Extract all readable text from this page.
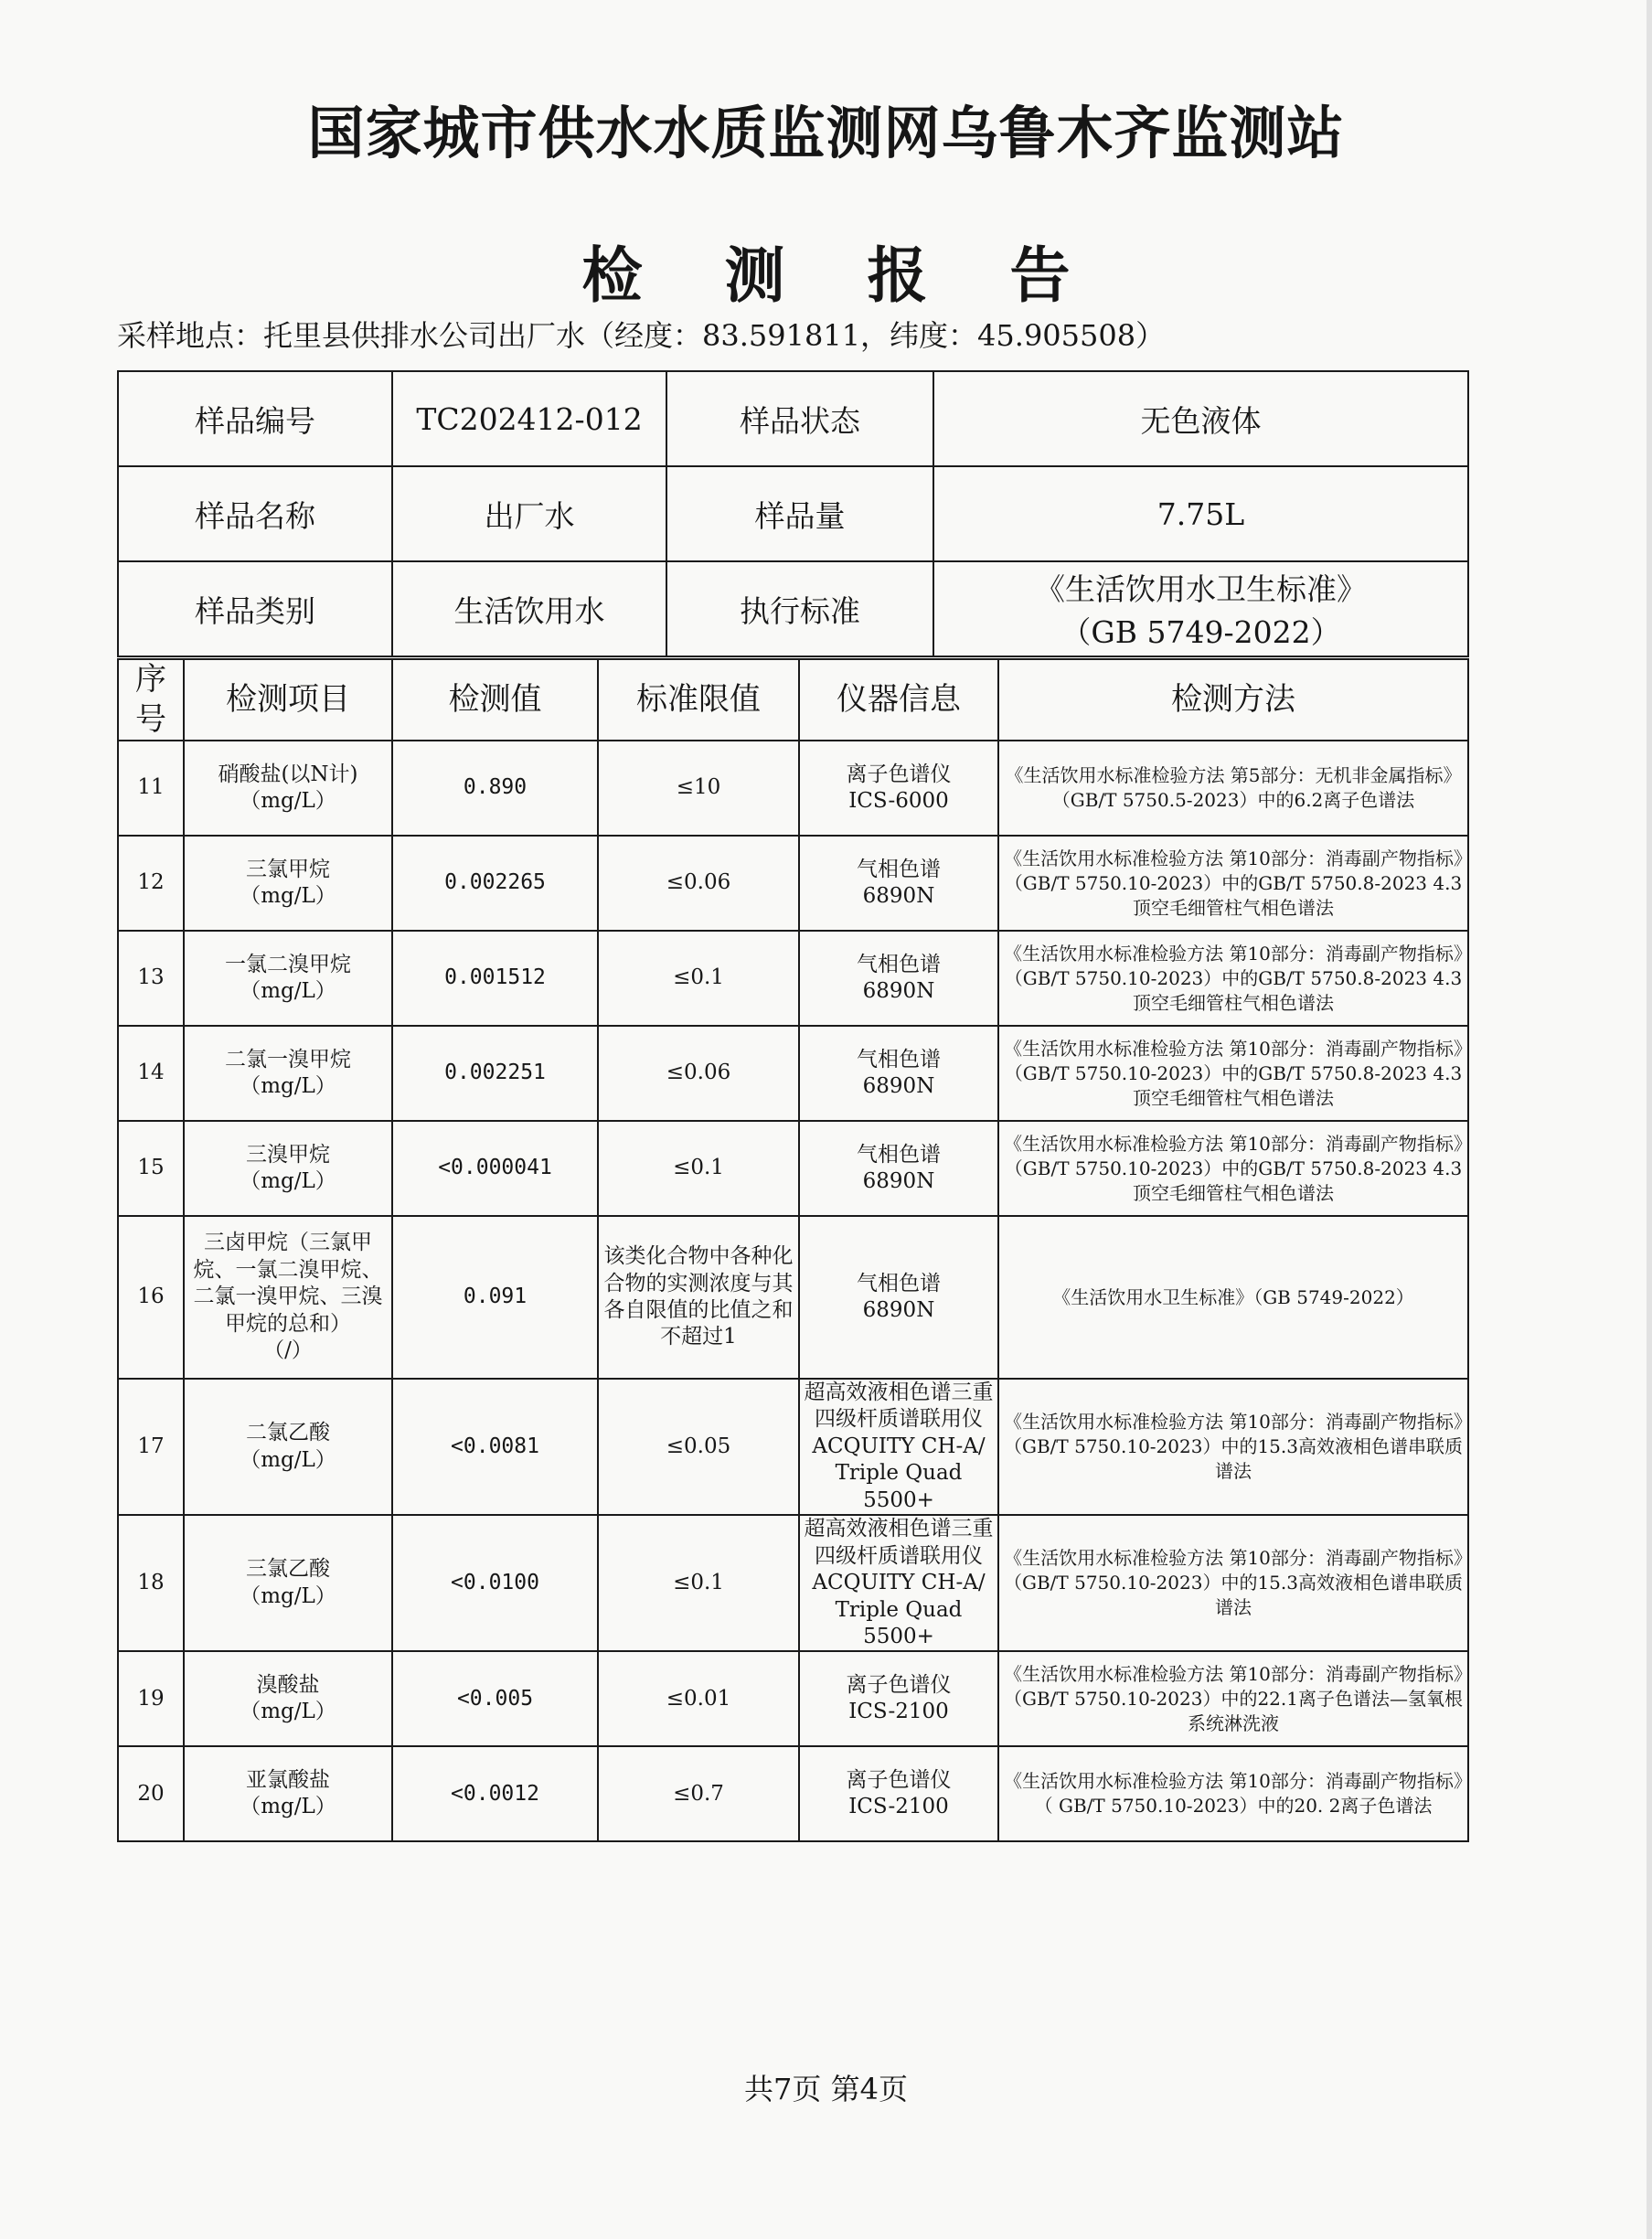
国家城市供水水质监测网乌鲁木齐监测站
检测报告
采样地点：托里县供排水公司出厂水（经度：83.591811，纬度：45.905508）
样品编号	TC202412-012	样品状态	无色液体
样品名称	出厂水	样品量	7.75L
样品类别	生活饮用水	执行标准	《生活饮用水卫生标准》
（GB 5749-2022）
序号	检测项目	检测值	标准限值	仪器信息	检测方法
11	硝酸盐(以N计)
（mg/L）	0.890	≤10	离子色谱仪
ICS-6000	《生活饮用水标准检验方法 第5部分：无机非金属指标》（GB/T 5750.5-2023）中的6.2离子色谱法
12	三氯甲烷
（mg/L）	0.002265	≤0.06	气相色谱
6890N	《生活饮用水标准检验方法 第10部分：消毒副产物指标》（GB/T 5750.10-2023）中的GB/T 5750.8-2023 4.3顶空毛细管柱气相色谱法
13	一氯二溴甲烷
（mg/L）	0.001512	≤0.1	气相色谱
6890N	《生活饮用水标准检验方法 第10部分：消毒副产物指标》（GB/T 5750.10-2023）中的GB/T 5750.8-2023 4.3顶空毛细管柱气相色谱法
14	二氯一溴甲烷
（mg/L）	0.002251	≤0.06	气相色谱
6890N	《生活饮用水标准检验方法 第10部分：消毒副产物指标》（GB/T 5750.10-2023）中的GB/T 5750.8-2023 4.3顶空毛细管柱气相色谱法
15	三溴甲烷
（mg/L）	<0.000041	≤0.1	气相色谱
6890N	《生活饮用水标准检验方法 第10部分：消毒副产物指标》（GB/T 5750.10-2023）中的GB/T 5750.8-2023 4.3顶空毛细管柱气相色谱法
16	三卤甲烷（三氯甲烷、一氯二溴甲烷、二氯一溴甲烷、三溴甲烷的总和）
（/）	0.091	该类化合物中各种化合物的实测浓度与其各自限值的比值之和不超过1	气相色谱
6890N	《生活饮用水卫生标准》（GB 5749-2022）
17	二氯乙酸
（mg/L）	<0.0081	≤0.05	超高效液相色谱三重四级杆质谱联用仪
ACQUITY CH-A/
Triple Quad 5500+	《生活饮用水标准检验方法 第10部分：消毒副产物指标》（GB/T 5750.10-2023）中的15.3高效液相色谱串联质谱法
18	三氯乙酸
（mg/L）	<0.0100	≤0.1	超高效液相色谱三重四级杆质谱联用仪
ACQUITY CH-A/
Triple Quad 5500+	《生活饮用水标准检验方法 第10部分：消毒副产物指标》（GB/T 5750.10-2023）中的15.3高效液相色谱串联质谱法
19	溴酸盐
（mg/L）	<0.005	≤0.01	离子色谱仪
ICS-2100	《生活饮用水标准检验方法 第10部分：消毒副产物指标》（GB/T 5750.10-2023）中的22.1离子色谱法—氢氧根系统淋洗液
20	亚氯酸盐
（mg/L）	<0.0012	≤0.7	离子色谱仪
ICS-2100	《生活饮用水标准检验方法 第10部分：消毒副产物指标》（ GB/T 5750.10-2023）中的20. 2离子色谱法
共7页 第4页
